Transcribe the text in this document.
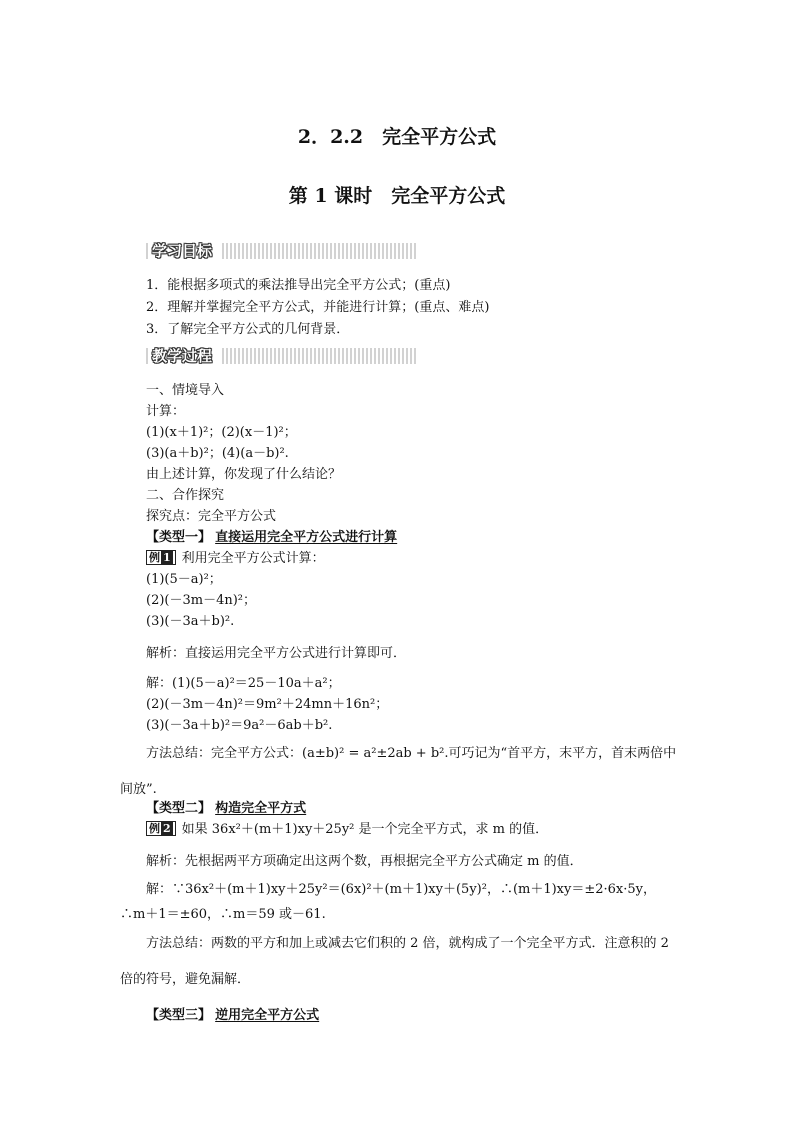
2．2.2　完全平方公式
第 1 课时　完全平方公式
学习目标
1．能根据多项式的乘法推导出完全平方公式；(重点)
2．理解并掌握完全平方公式，并能进行计算；(重点、难点)
3．了解完全平方公式的几何背景．
教学过程
一、情境导入
计算：
(1)(x＋1)²；(2)(x－1)²；
(3)(a＋b)²；(4)(a－b)².
由上述计算，你发现了什么结论？
二、合作探究
探究点：完全平方公式
【类型一】 直接运用完全平方公式进行计算
例 1 利用完全平方公式计算：
(1)(5－a)²；
(2)(－3m－4n)²；
(3)(－3a＋b)².
解析：直接运用完全平方公式进行计算即可．
解：(1)(5－a)²＝25－10a＋a²；
(2)(－3m－4n)²＝9m²＋24mn＋16n²；
(3)(－3a＋b)²＝9a²－6ab＋b².
方法总结：完全平方公式：(a±b)² = a²±2ab + b².可巧记为“首平方，末平方，首末两倍中间放”.
【类型二】 构造完全平方式
例 2 如果 36x²＋(m＋1)xy＋25y² 是一个完全平方式，求 m 的值．
解析：先根据两平方项确定出这两个数，再根据完全平方公式确定 m 的值．
解：∵36x²＋(m＋1)xy＋25y²＝(6x)²＋(m＋1)xy＋(5y)²，∴(m＋1)xy＝±2·6x·5y，∴m＋1＝±60，∴m＝59 或－61.
方法总结：两数的平方和加上或减去它们积的 2 倍，就构成了一个完全平方式．注意积的 2 倍的符号，避免漏解．
【类型三】 逆用完全平方公式
